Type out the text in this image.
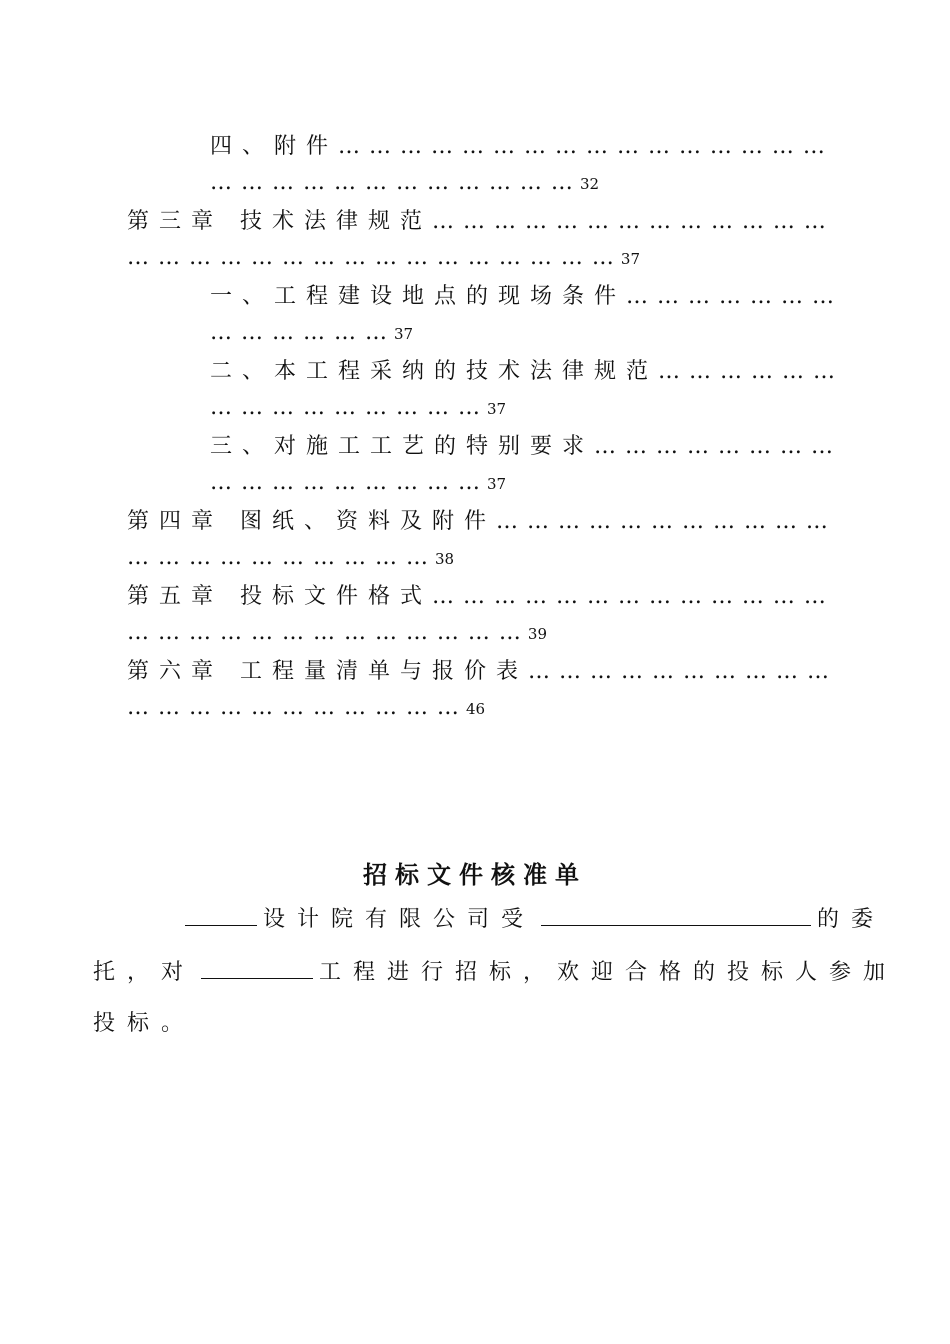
四、附件… … … … … … … … … … … … … … … …
… … … … … … … … … … … … 32
第三章 技术法律规范… … … … … … … … … … … … …
… … … … … … … … … … … … … … … … 37
一、工程建设地点的现场条件… … … … … … …
… … … … … … 37
二、本工程采纳的技术法律规范… … … … … …
… … … … … … … … … 37
三、对施工工艺的特别要求… … … … … … … …
… … … … … … … … … 37
第四章 图纸、资料及附件… … … … … … … … … … …
… … … … … … … … … … 38
第五章 投标文件格式… … … … … … … … … … … … …
… … … … … … … … … … … … … 39
第六章 工程量清单与报价表… … … … … … … … … …
… … … … … … … … … … … 46
招标文件核准单
设计院有限公司受	的委
托，对	工程进行招标，欢迎合格的投标人参加
投标。
